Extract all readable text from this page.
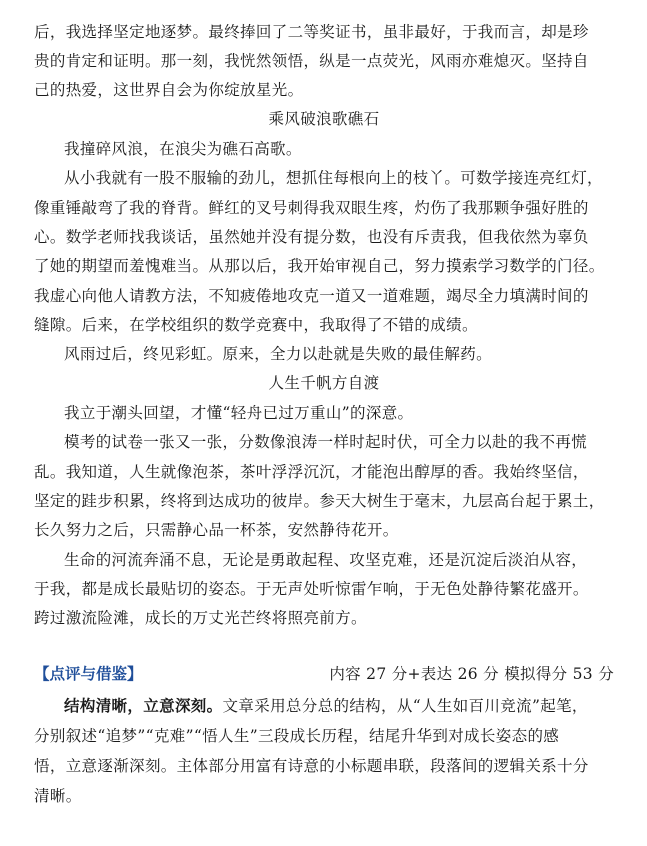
后，我选择坚定地逐梦。最终捧回了二等奖证书，虽非最好，于我而言，却是珍
贵的肯定和证明。那一刻，我恍然领悟，纵是一点荧光，风雨亦难熄灭。坚持自
己的热爱，这世界自会为你绽放星光。
乘风破浪歌礁石
我撞碎风浪，在浪尖为礁石高歌。
从小我就有一股不服输的劲儿，想抓住每根向上的枝丫。可数学接连亮红灯，
像重锤敲弯了我的脊背。鲜红的叉号刺得我双眼生疼，灼伤了我那颗争强好胜的
心。数学老师找我谈话，虽然她并没有提分数，也没有斥责我，但我依然为辜负
了她的期望而羞愧难当。从那以后，我开始审视自己，努力摸索学习数学的门径。
我虚心向他人请教方法，不知疲倦地攻克一道又一道难题，竭尽全力填满时间的
缝隙。后来，在学校组织的数学竞赛中，我取得了不错的成绩。
风雨过后，终见彩虹。原来，全力以赴就是失败的最佳解药。
人生千帆方自渡
我立于潮头回望，才懂“轻舟已过万重山”的深意。
模考的试卷一张又一张，分数像浪涛一样时起时伏，可全力以赴的我不再慌
乱。我知道，人生就像泡茶，茶叶浮浮沉沉，才能泡出醇厚的香。我始终坚信，
坚定的跬步积累，终将到达成功的彼岸。参天大树生于毫末，九层高台起于累土，
长久努力之后，只需静心品一杯茶，安然静待花开。
生命的河流奔涌不息，无论是勇敢起程、攻坚克难，还是沉淀后淡泊从容，
于我，都是成长最贴切的姿态。于无声处听惊雷乍响，于无色处静待繁花盛开。
跨过激流险滩，成长的万丈光芒终将照亮前方。
【点评与借鉴】	内容 27 分+表达 26 分 模拟得分 53 分
结构清晰，立意深刻。文章采用总分总的结构，从“人生如百川竞流”起笔，
分别叙述“追梦”“克难”“悟人生”三段成长历程，结尾升华到对成长姿态的感
悟，立意逐渐深刻。主体部分用富有诗意的小标题串联，段落间的逻辑关系十分
清晰。
